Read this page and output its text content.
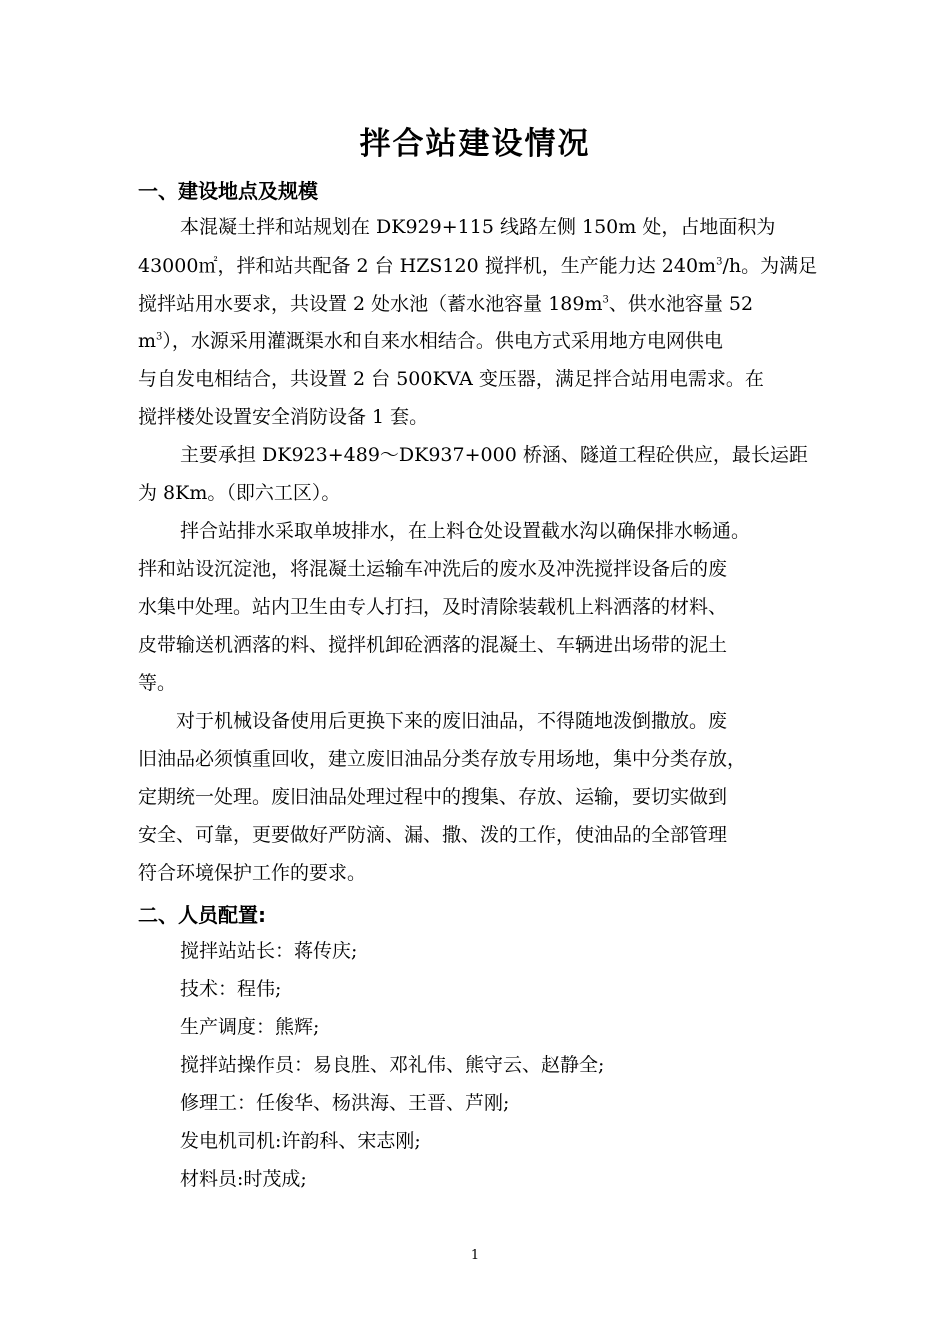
拌合站建设情况
一、建设地点及规模
本混凝土拌和站规划在 DK929+115 线路左侧 150m 处，占地面积为
43000㎡，拌和站共配备 2 台 HZS120 搅拌机，生产能力达 $240m^3/h$。为满足
搅拌站用水要求，共设置 2 处水池（蓄水池容量 $189m^3$、供水池容量 52
$m^3$），水源采用灌溉渠水和自来水相结合。供电方式采用地方电网供电
与自发电相结合，共设置 2 台 500KVA 变压器，满足拌合站用电需求。在
搅拌楼处设置安全消防设备 1 套。
主要承担 DK923+489～DK937+000 桥涵、隧道工程砼供应，最长运距
为 8Km。（即六工区）。
拌合站排水采取单坡排水，在上料仓处设置截水沟以确保排水畅通。
拌和站设沉淀池，将混凝土运输车冲洗后的废水及冲洗搅拌设备后的废
水集中处理。站内卫生由专人打扫，及时清除装载机上料洒落的材料、
皮带输送机洒落的料、搅拌机卸砼洒落的混凝土、车辆进出场带的泥土
等。
对于机械设备使用后更换下来的废旧油品，不得随地泼倒撒放。废
旧油品必须慎重回收，建立废旧油品分类存放专用场地，集中分类存放，
定期统一处理。废旧油品处理过程中的搜集、存放、运输，要切实做到
安全、可靠，更要做好严防滴、漏、撒、泼的工作，使油品的全部管理
符合环境保护工作的要求。
二、人员配置:
搅拌站站长：蒋传庆;
技术：程伟;
生产调度：熊辉;
搅拌站操作员：易良胜、邓礼伟、熊守云、赵静全;
修理工：任俊华、杨洪海、王晋、芦刚;
发电机司机:许韵科、宋志刚;
材料员:时茂成;
1
